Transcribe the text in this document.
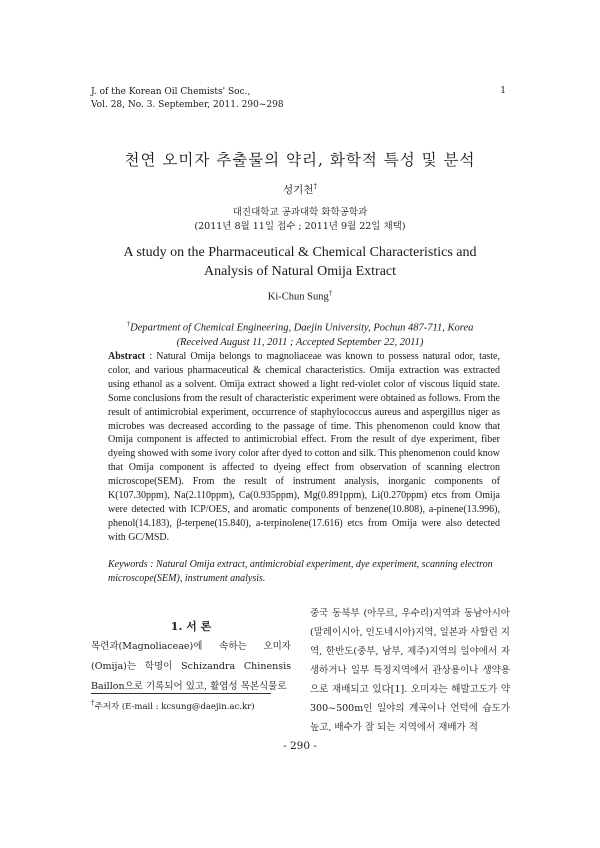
J. of the Korean Oil Chemists' Soc.,
Vol. 28, No. 3. September, 2011. 290~298
1
천연 오미자 추출물의 약리, 화학적 특성 및 분석
성기천†
대진대학교 공과대학 화학공학과
(2011년 8월 11일 접수 ; 2011년 9월 22일 채택)
A study on the Pharmaceutical & Chemical Characteristics and
Analysis of Natural Omija Extract
Ki-Chun Sung†
†Department of Chemical Engineering, Daejin University, Pochun 487-711, Korea
(Received August 11, 2011 ; Accepted September 22, 2011)
Abstract : Natural Omija belongs to magnoliaceae was known to possess natural odor, taste, color, and various pharmaceutical & chemical characteristics. Omija extraction was extracted using ethanol as a solvent. Omija extract showed a light red-violet color of viscous liquid state. Some conclusions from the result of characteristic experiment were obtained as follows. From the result of antimicrobial experiment, occurrence of staphylococcus aureus and aspergillus niger as microbes was decreased according to the passage of time. This phenomenon could know that Omija component is affected to antimicrobial effect. From the result of dye experiment, fiber dyeing showed with some ivory color after dyed to cotton and silk. This phenomenon could know that Omija component is affected to dyeing effect from observation of scanning electron microscope(SEM). From the result of instrument analysis, inorganic components of K(107.30ppm), Na(2.110ppm), Ca(0.935ppm), Mg(0.891ppm), Li(0.270ppm) etcs from Omija were detected with ICP/OES, and aromatic components of benzene(10.808), a-pinene(13.996), phenol(14.183), β-terpene(15.840), a-terpinolene(17.616) etcs from Omija were also detected with GC/MSD.
Keywords : Natural Omija extract, antimicrobial experiment, dye experiment, scanning electron microscope(SEM), instrument analysis.
1. 서 론
목련과(Magnoliaceae)에 속하는 오미자(Omija)는 학명이 Schizandra Chinensis Baillon으로 기록되어 있고, 활엽성 목본식물로
중국 동북부 (아무르, 우수리)지역과 동남아시아(말레이시아, 인도네시아)지역, 일본과 사할린 지역, 한반도(중부, 남부, 제주)지역의 일야에서 자생하거나 일부 특정지역에서 관상용이나 생약용으로 재배되고 있다[1]. 오미자는 해발고도가 약 300~500m인 일야의 계곡이나 언덕에 습도가 높고, 배수가 잘 되는 지역에서 재배가 적
†주저자 (E-mail : kcsung@daejin.ac.kr)
- 290 -
